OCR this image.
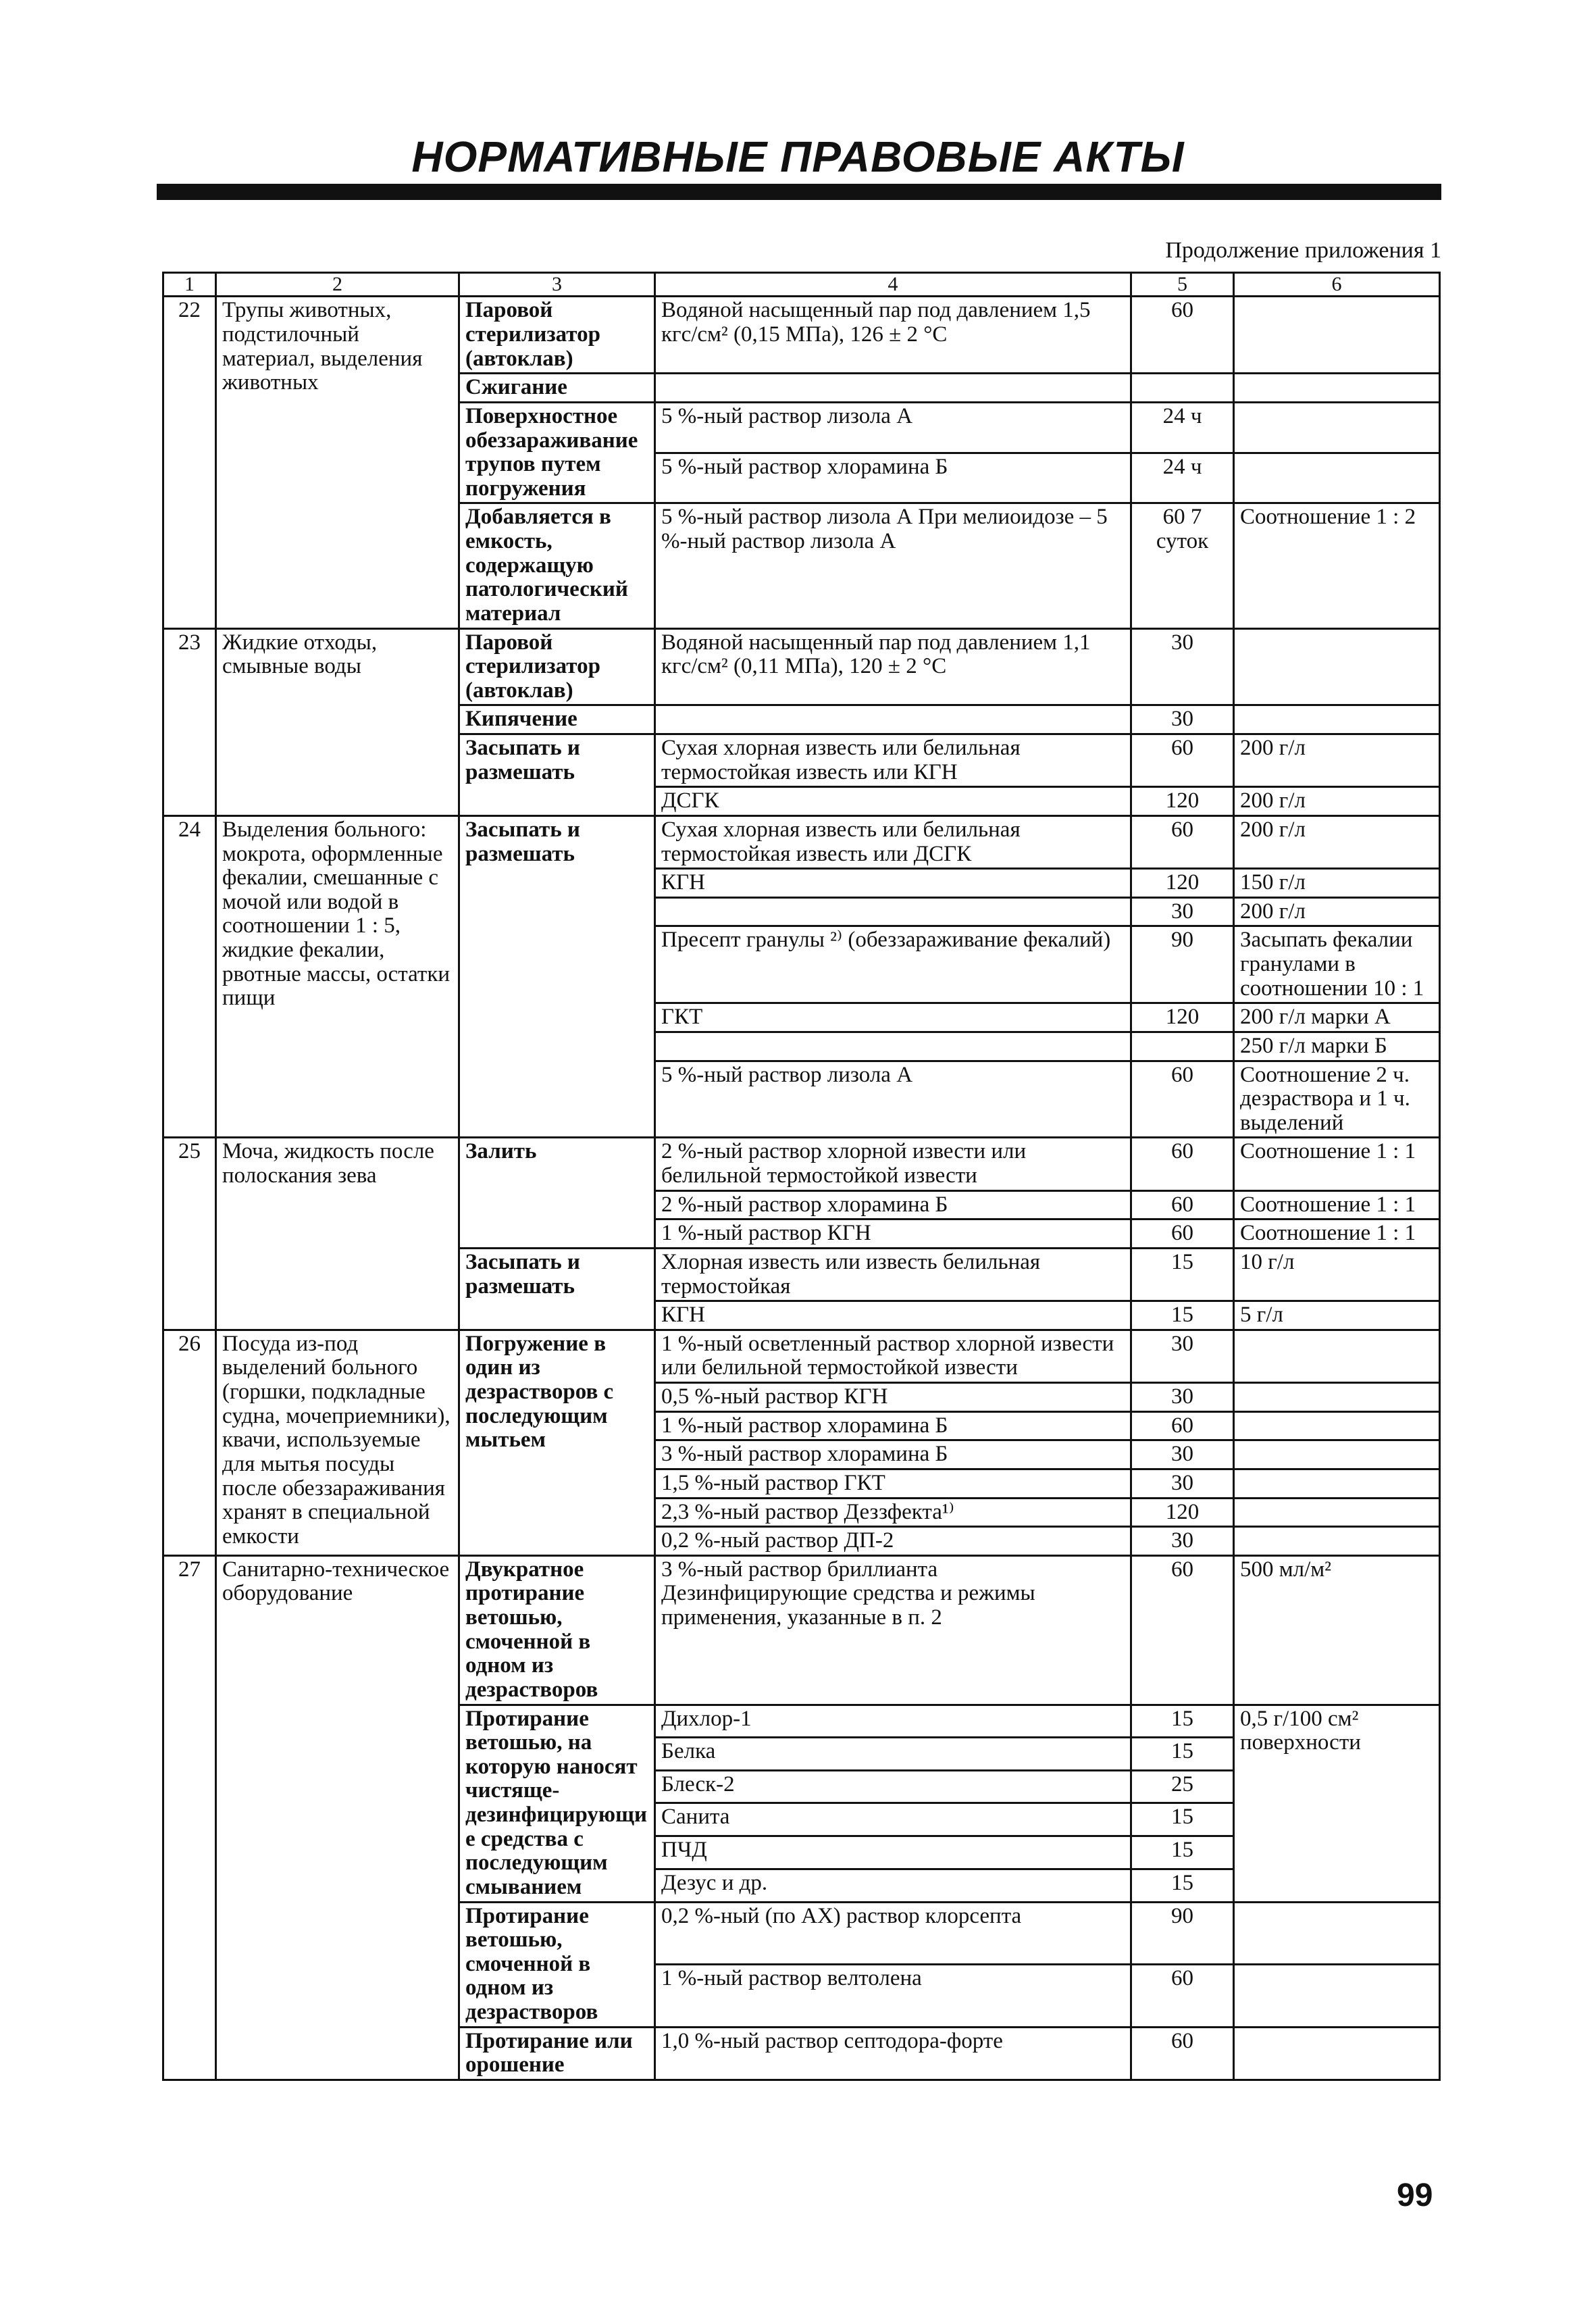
НОРМАТИВНЫЕ ПРАВОВЫЕ АКТЫ
Продолжение приложения 1
1	2	3	4	5	6
22	Трупы животных, подстилочный материал, выделения животных	Паровой стерилизатор (автоклав)	Водяной насыщенный пар под давлением 1,5 кгс/см² (0,15 МПа), 126 ± 2 °С	60	
		Сжигание			
		Поверхностное обеззараживание трупов путем погружения	5 %-ный раствор лизола А	24 ч	
			5 %-ный раствор хлорамина Б	24 ч	
		Добавляется в емкость, содержащую патологический материал	5 %-ный раствор лизола А При мелиоидозе – 5 %-ный раствор лизола А	60 7 суток	Соотношение 1 : 2
23	Жидкие отходы, смывные воды	Паровой стерилизатор (автоклав)	Водяной насыщенный пар под давлением 1,1 кгс/см² (0,11 МПа), 120 ± 2 °С	30	
		Кипячение		30	
		Засыпать и размешать	Сухая хлорная известь или белильная термостойкая известь или КГН	60	200 г/л
			ДСГК	120	200 г/л
24	Выделения больного: мокрота, оформленные фекалии, смешанные с мочой или водой в соотношении 1 : 5, жидкие фекалии, рвотные массы, остатки пищи	Засыпать и размешать	Сухая хлорная известь или белильная термостойкая известь или ДСГК	60	200 г/л
			КГН	120	150 г/л
				30	200 г/л
			Пресепт гранулы ²⁾ (обеззараживание фекалий)	90	Засыпать фекалии гранулами в соотношении 10 : 1
			ГКТ	120	200 г/л марки А
					250 г/л марки Б
			5 %-ный раствор лизола А	60	Соотношение 2 ч. дезраствора и 1 ч. выделений
25	Моча, жидкость после полоскания зева	Залить	2 %-ный раствор хлорной извести или белильной термостойкой извести	60	Соотношение 1 : 1
			2 %-ный раствор хлорамина Б	60	Соотношение 1 : 1
			1 %-ный раствор КГН	60	Соотношение 1 : 1
		Засыпать и размешать	Хлорная известь или известь белильная термостойкая	15	10 г/л
			КГН	15	5 г/л
26	Посуда из-под выделений больного (горшки, подкладные судна, мочеприемники), квачи, используемые для мытья посуды после обеззараживания хранят в специальной емкости	Погружение в один из дезрастворов с последующим мытьем	1 %-ный осветленный раствор хлорной извести или белильной термостойкой извести	30	
			0,5 %-ный раствор КГН	30	
			1 %-ный раствор хлорамина Б	60	
			3 %-ный раствор хлорамина Б	30	
			1,5 %-ный раствор ГКТ	30	
			2,3 %-ный раствор Деззфекта¹⁾	120	
			0,2 %-ный раствор ДП-2	30	
27	Санитарно-техническое оборудование	Двукратное протирание ветошью, смоченной в одном из дезрастворов	3 %-ный раствор бриллианта Дезинфицирующие средства и режимы применения, указанные в п. 2	60	500 мл/м²
		Протирание ветошью, на которую наносят чистяще-дезинфицирующие средства с последующим смыванием	Дихлор-1	15	0,5 г/100 см² поверхности
			Белка	15	
			Блеск-2	25	
			Санита	15	
			ПЧД	15	
			Дезус и др.	15	
		Протирание ветошью, смоченной в одном из дезрастворов	0,2 %-ный (по АХ) раствор клорсепта	90	
			1 %-ный раствор велтолена	60	
		Протирание или орошение	1,0 %-ный раствор септодора-форте	60	
99
